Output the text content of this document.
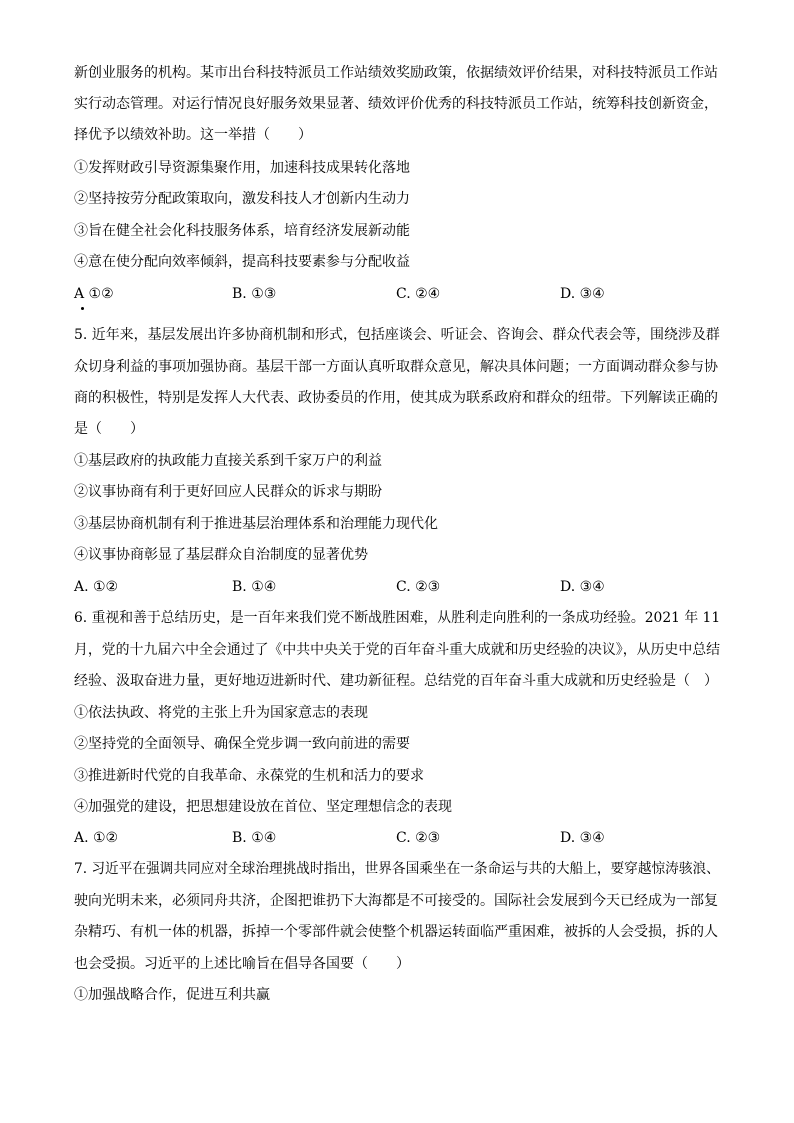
新创业服务的机构。某市出台科技特派员工作站绩效奖励政策，依据绩效评价结果，对科技特派员工作站
实行动态管理。对运行情况良好服务效果显著、绩效评价优秀的科技特派员工作站，统筹科技创新资金，
择优予以绩效补助。这一举措（　　）
①发挥财政引导资源集聚作用，加速科技成果转化落地
②坚持按劳分配政策取向，激发科技人才创新内生动力
③旨在健全社会化科技服务体系，培育经济发展新动能
④意在使分配向效率倾斜，提高科技要素参与分配收益
A ①②	B. ①③	C. ②④	D. ③④
5. 近年来，基层发展出许多协商机制和形式，包括座谈会、听证会、咨询会、群众代表会等，围绕涉及群
众切身利益的事项加强协商。基层干部一方面认真听取群众意见，解决具体问题；一方面调动群众参与协
商的积极性，特别是发挥人大代表、政协委员的作用，使其成为联系政府和群众的纽带。下列解读正确的
是（　　）
①基层政府的执政能力直接关系到千家万户的利益
②议事协商有利于更好回应人民群众的诉求与期盼
③基层协商机制有利于推进基层治理体系和治理能力现代化
④议事协商彰显了基层群众自治制度的显著优势
A. ①②	B. ①④	C. ②③	D. ③④
6. 重视和善于总结历史，是一百年来我们党不断战胜困难，从胜利走向胜利的一条成功经验。2021 年 11
月，党的十九届六中全会通过了《中共中央关于党的百年奋斗重大成就和历史经验的决议》，从历史中总结
经验、汲取奋进力量，更好地迈进新时代、建功新征程。总结党的百年奋斗重大成就和历史经验是（　）
①依法执政、将党的主张上升为国家意志的表现
②坚持党的全面领导、确保全党步调一致向前进的需要
③推进新时代党的自我革命、永葆党的生机和活力的要求
④加强党的建设，把思想建设放在首位、坚定理想信念的表现
A. ①②	B. ①④	C. ②③	D. ③④
7. 习近平在强调共同应对全球治理挑战时指出，世界各国乘坐在一条命运与共的大船上，要穿越惊涛骇浪、
驶向光明未来，必须同舟共济，企图把谁扔下大海都是不可接受的。国际社会发展到今天已经成为一部复
杂精巧、有机一体的机器，拆掉一个零部件就会使整个机器运转面临严重困难，被拆的人会受损，拆的人
也会受损。习近平的上述比喻旨在倡导各国要（　　）
①加强战略合作，促进互利共赢
